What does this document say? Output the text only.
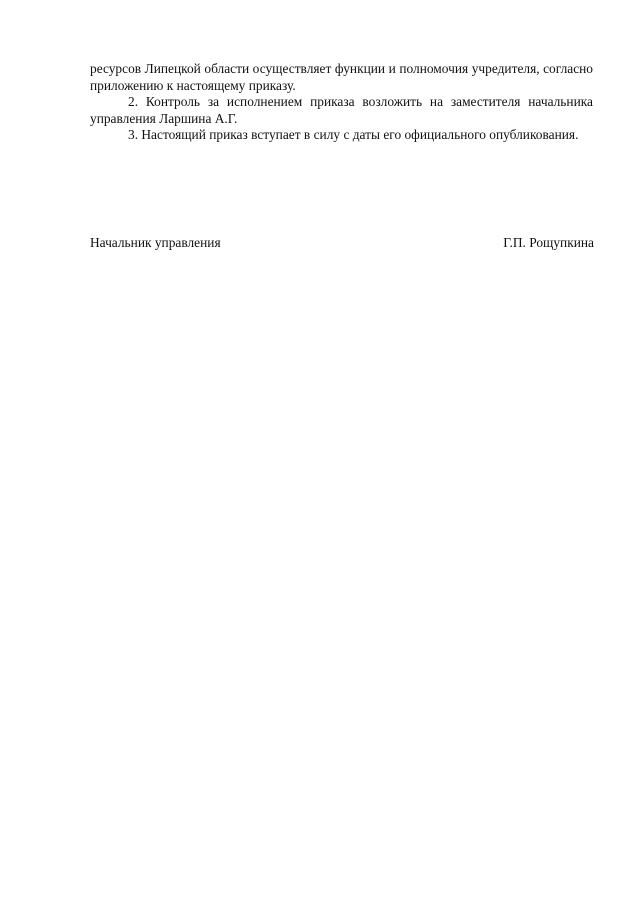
ресурсов Липецкой области осуществляет функции и полномочия учредителя, согласно приложению к настоящему приказу.

2. Контроль за исполнением приказа возложить на заместителя начальника управления Ларшина А.Г.

3. Настоящий приказ вступает в силу с даты его официального опубликования.

Начальник управления	Г.П. Рощупкина
